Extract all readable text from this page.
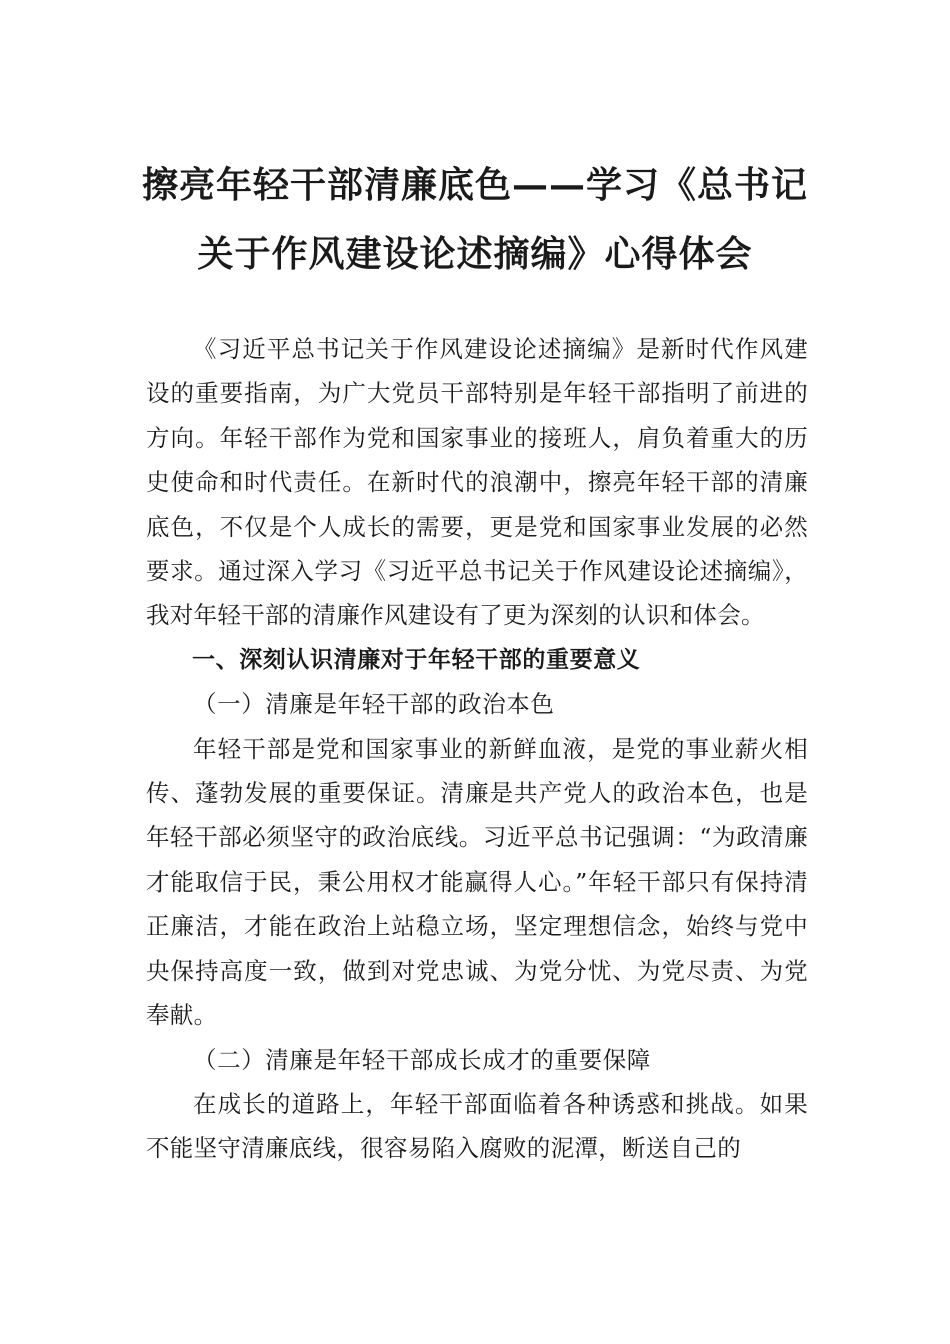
擦亮年轻干部清廉底色——学习《总书记
关于作风建设论述摘编》心得体会

《习近平总书记关于作风建设论述摘编》是新时代作风建设的重要指南，为广大党员干部特别是年轻干部指明了前进的方向。年轻干部作为党和国家事业的接班人，肩负着重大的历史使命和时代责任。在新时代的浪潮中，擦亮年轻干部的清廉底色，不仅是个人成长的需要，更是党和国家事业发展的必然要求。通过深入学习《习近平总书记关于作风建设论述摘编》，我对年轻干部的清廉作风建设有了更为深刻的认识和体会。

一、深刻认识清廉对于年轻干部的重要意义

（一）清廉是年轻干部的政治本色

年轻干部是党和国家事业的新鲜血液，是党的事业薪火相传、蓬勃发展的重要保证。清廉是共产党人的政治本色，也是年轻干部必须坚守的政治底线。习近平总书记强调：“为政清廉才能取信于民，秉公用权才能赢得人心。”年轻干部只有保持清正廉洁，才能在政治上站稳立场，坚定理想信念，始终与党中央保持高度一致，做到对党忠诚、为党分忧、为党尽责、为党奉献。

（二）清廉是年轻干部成长成才的重要保障

在成长的道路上，年轻干部面临着各种诱惑和挑战。如果不能坚守清廉底线，很容易陷入腐败的泥潭，断送自己的
